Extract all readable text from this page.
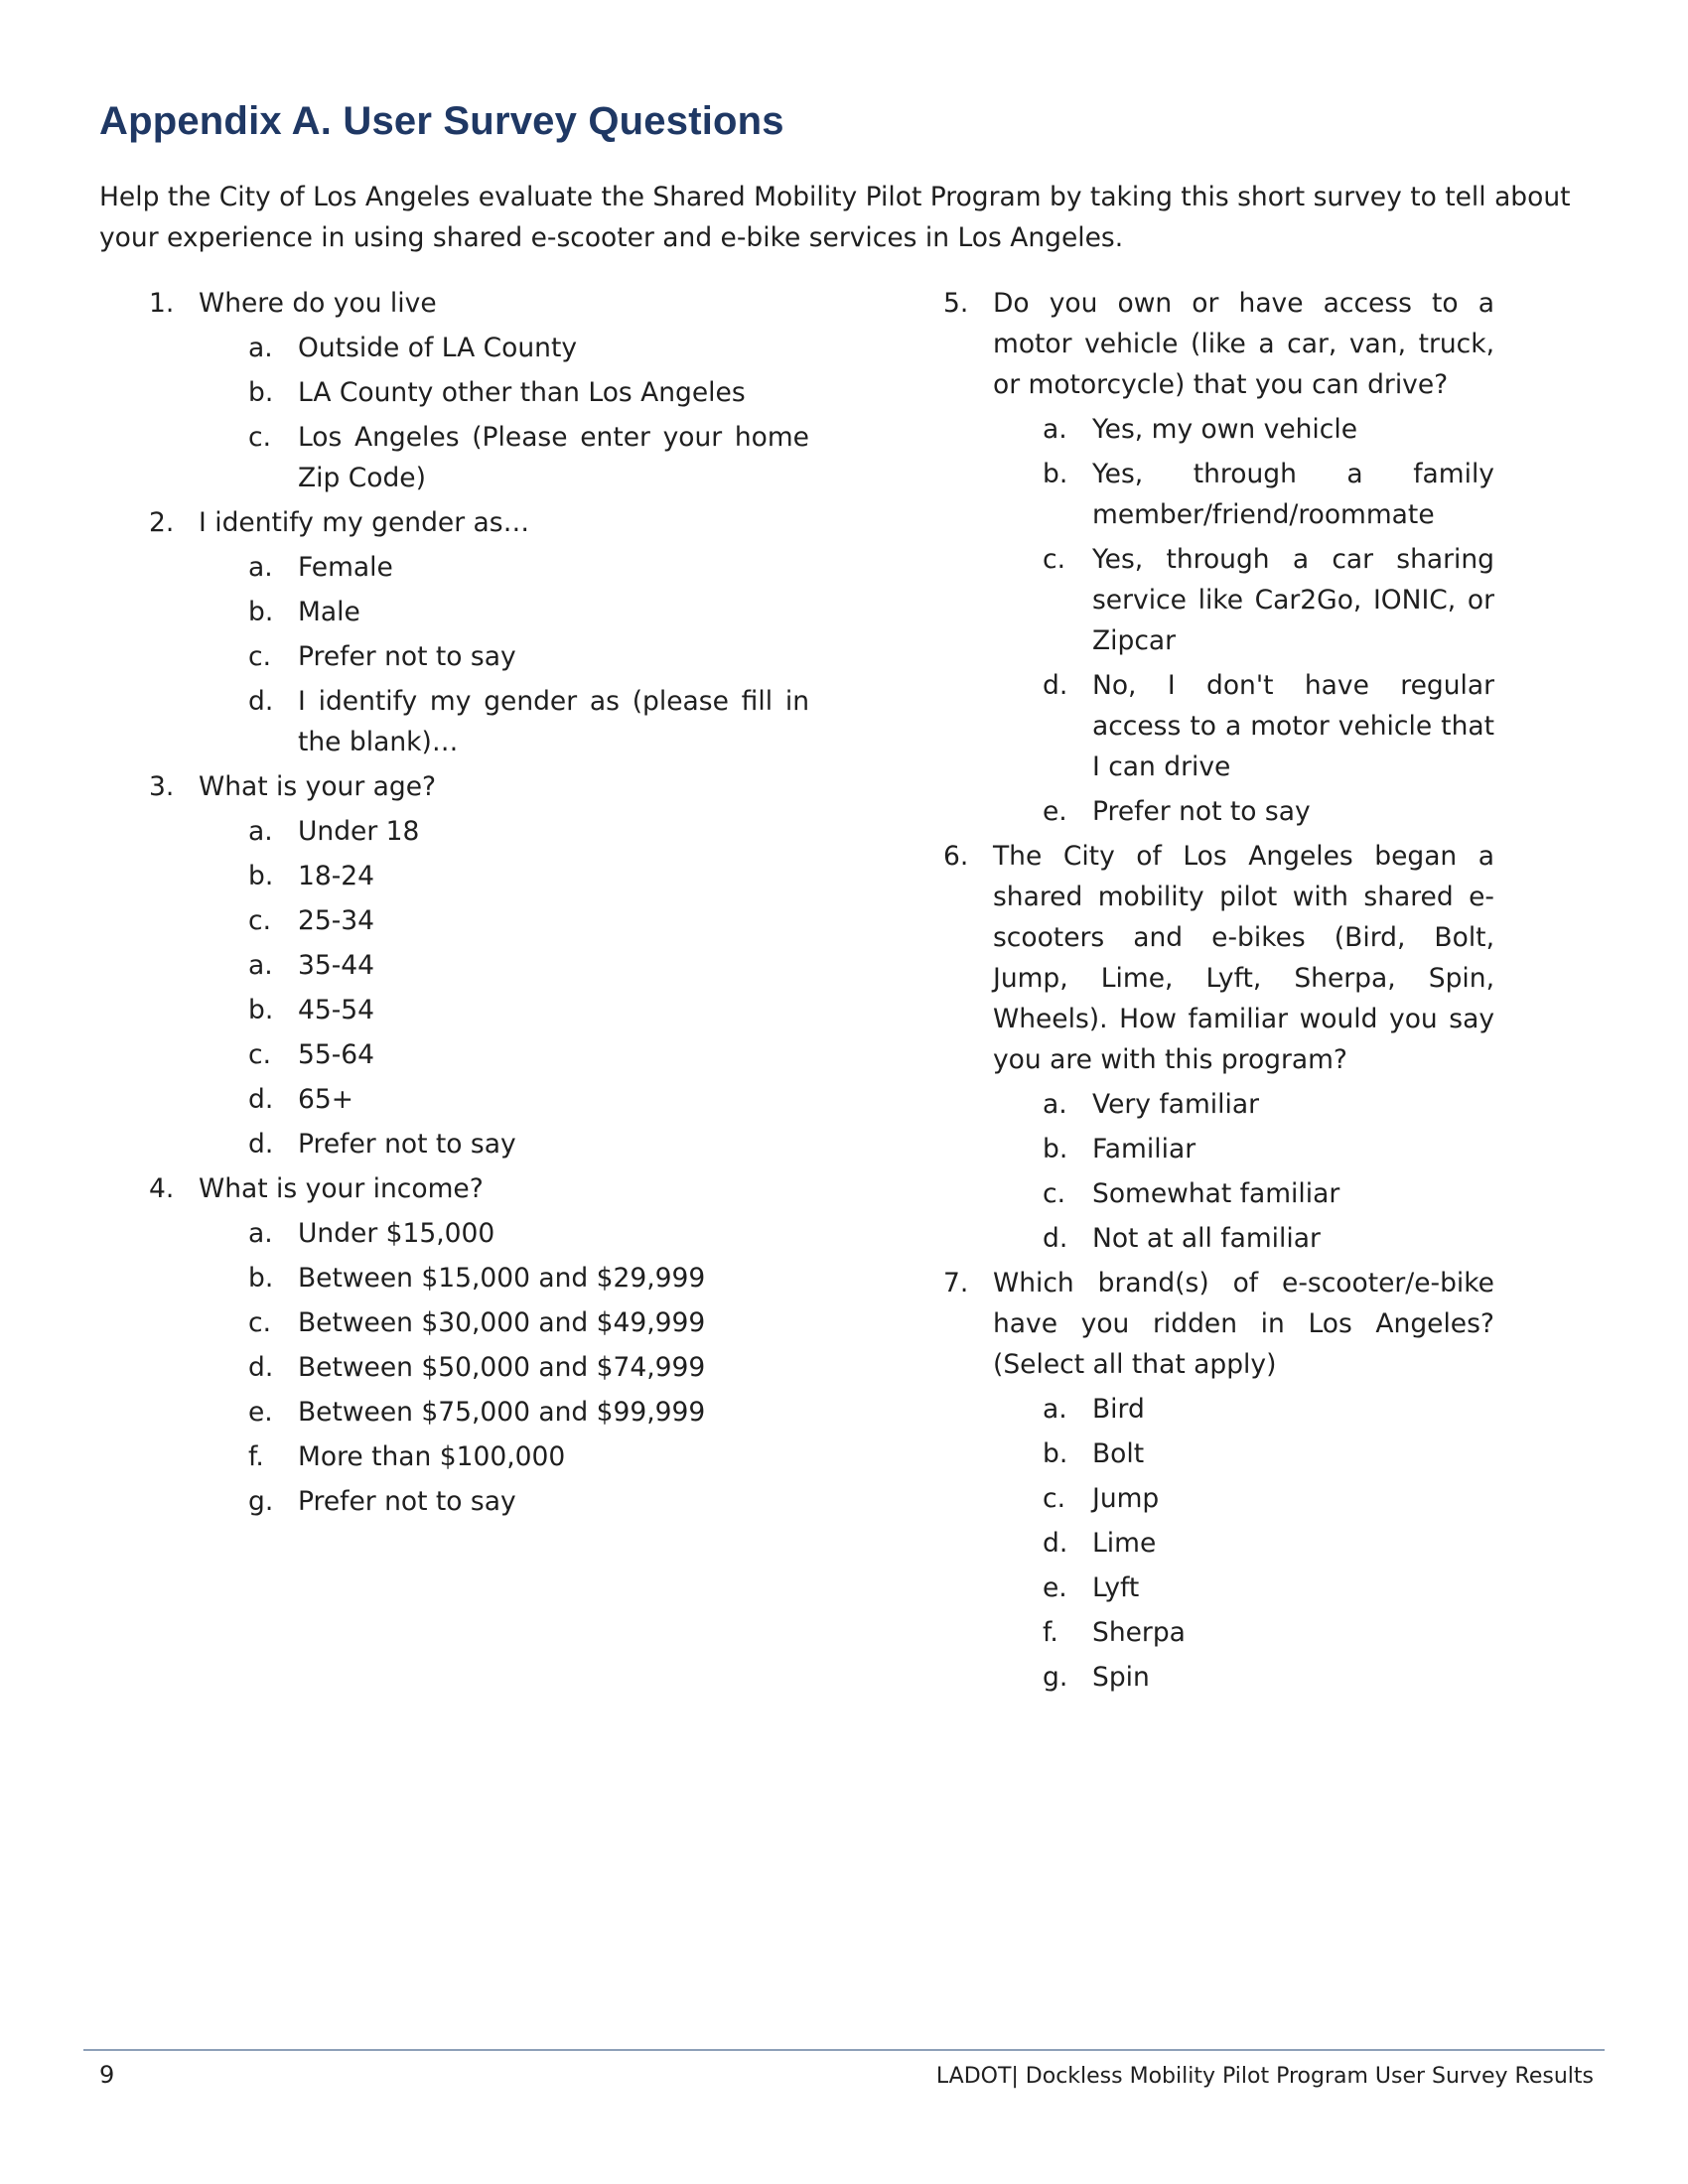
Appendix A. User Survey Questions

Help the City of Los Angeles evaluate the Shared Mobility Pilot Program by taking this short survey to tell about your experience in using shared e-scooter and e-bike services in Los Angeles.

1. Where do you live
a. Outside of LA County
b. LA County other than Los Angeles
c.	Los Angeles (Please enter your home Zip Code)
2. I identify my gender as…
a. Female
b. Male
c.	Prefer not to say
d. I identify my gender as (please fill in the blank)…
3. What is your age?
a. Under 18
b. 18-24
c.	25-34
a. 35-44
b. 45-54
c.	55-64
d. 65+
d. Prefer not to say
4. What is your income?
a. Under $15,000
b. Between $15,000 and $29,999
c.	Between $30,000 and $49,999
d. Between $50,000 and $74,999
e. Between $75,000 and $99,999
f.	More than $100,000
g. Prefer not to say
5. Do you own or have access to a motor vehicle (like a car, van, truck, or motorcycle) that you can drive?
a. Yes, my own vehicle
b. Yes, through a family member/friend/roommate
c.	Yes, through a car sharing service like Car2Go, IONIC, or Zipcar
d. No, I don't have regular access to a motor vehicle that I can drive
e. Prefer not to say
6. The City of Los Angeles began a shared mobility pilot with shared e-scooters and e-bikes (Bird, Bolt, Jump, Lime, Lyft, Sherpa, Spin, Wheels). How familiar would you say you are with this program?
a. Very familiar
b. Familiar
c.	Somewhat familiar
d. Not at all familiar
7. Which brand(s) of e-scooter/e-bike have you ridden in Los Angeles? (Select all that apply)
a. Bird
b. Bolt
c.	Jump
d. Lime
e. Lyft
f.	Sherpa
g. Spin
9	LADOT| Dockless Mobility Pilot Program User Survey Results
